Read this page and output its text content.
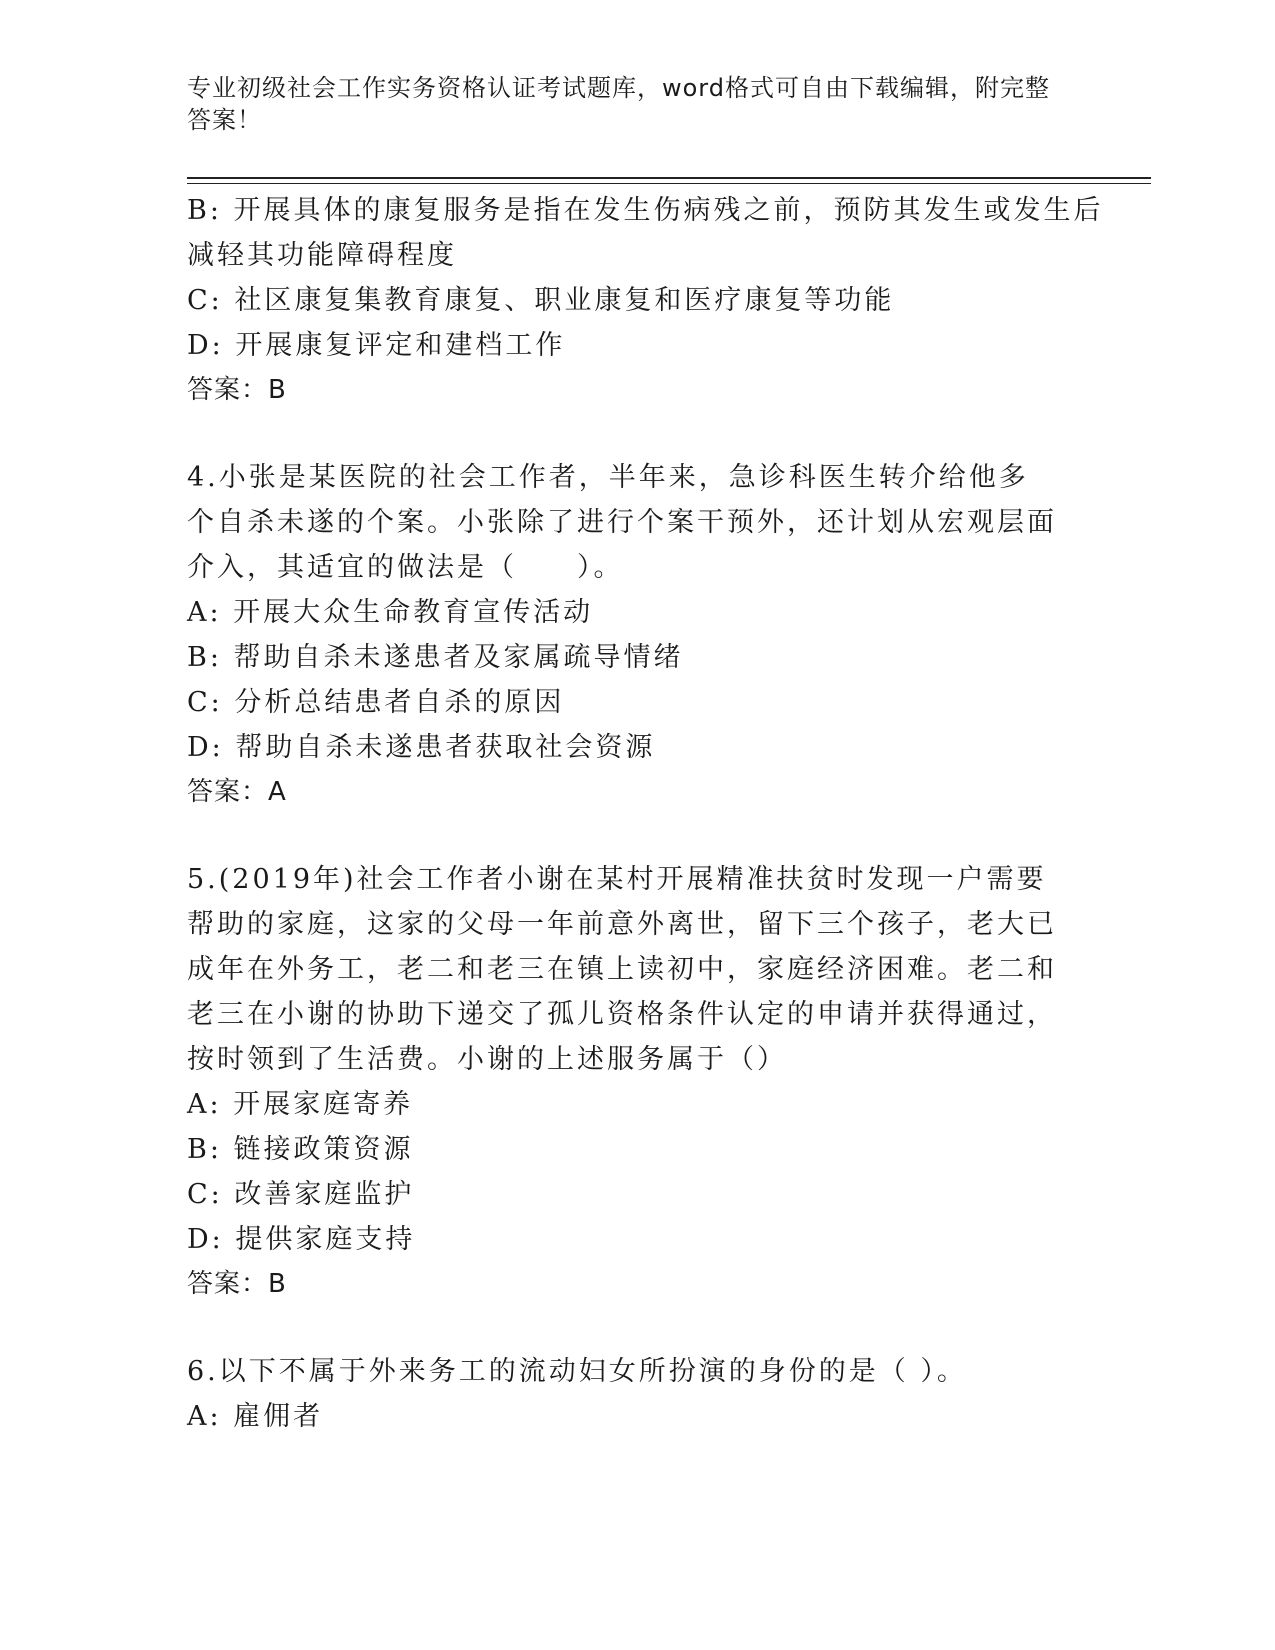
专业初级社会工作实务资格认证考试题库，word格式可自由下载编辑，附完整答案！
B: 开展具体的康复服务是指在发生伤病残之前，预防其发生或发生后
减轻其功能障碍程度
C: 社区康复集教育康复、职业康复和医疗康复等功能
D: 开展康复评定和建档工作
答案：B
4.小张是某医院的社会工作者，半年来，急诊科医生转介给他多个自杀未遂的个案。小张除了进行个案干预外，还计划从宏观层面介入，其适宜的做法是（　　）。
A: 开展大众生命教育宣传活动
B: 帮助自杀未遂患者及家属疏导情绪
C: 分析总结患者自杀的原因
D: 帮助自杀未遂患者获取社会资源
答案：A
5.(2019年)社会工作者小谢在某村开展精准扶贫时发现一户需要帮助的家庭，这家的父母一年前意外离世，留下三个孩子，老大已成年在外务工，老二和老三在镇上读初中，家庭经济困难。老二和老三在小谢的协助下递交了孤儿资格条件认定的申请并获得通过，按时领到了生活费。小谢的上述服务属于（）
A: 开展家庭寄养
B: 链接政策资源
C: 改善家庭监护
D: 提供家庭支持
答案：B
6.以下不属于外来务工的流动妇女所扮演的身份的是（ ）。
A: 雇佣者
